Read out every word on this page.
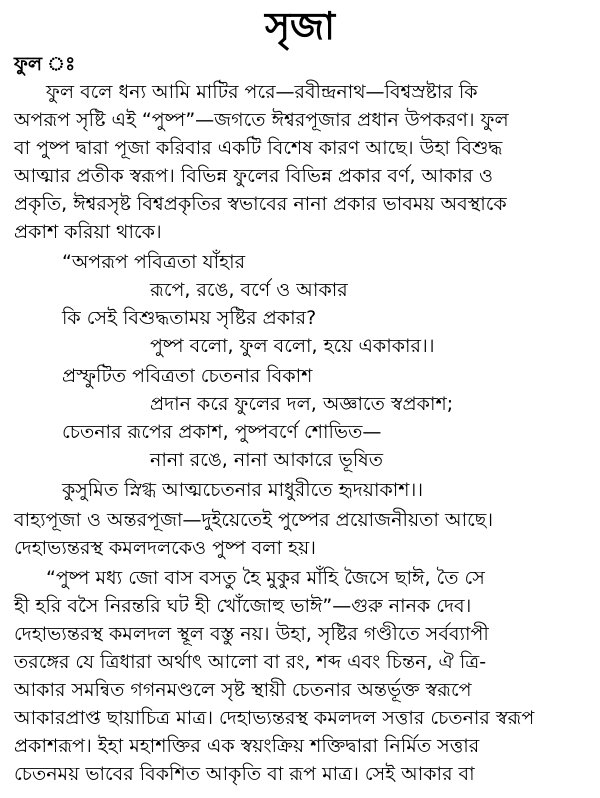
সৃজা
ফুল ঃ
ফুল বলে ধন্য আমি মাটির পরে—রবীন্দ্রনাথ—বিশ্বস্রষ্টার কি
অপরূপ সৃষ্টি এই “পুষ্প”—জগতে ঈশ্বরপূজার প্রধান উপকরণ। ফুল
বা পুষ্প দ্বারা পূজা করিবার একটি বিশেষ কারণ আছে। উহা বিশুদ্ধ
আত্মার প্রতীক স্বরূপ। বিভিন্ন ফুলের বিভিন্ন প্রকার বর্ণ, আকার ও
প্রকৃতি, ঈশ্বরসৃষ্ট বিশ্বপ্রকৃতির স্বভাবের নানা প্রকার ভাবময় অবস্থাকে
প্রকাশ করিয়া থাকে।
“অপরূপ পবিত্রতা যাঁহার
রূপে, রঙে, বর্ণে ও আকার
কি সেই বিশুদ্ধতাময় সৃষ্টির প্রকার?
পুষ্প বলো, ফুল বলো, হয়ে একাকার।।
প্রস্ফুটিত পবিত্রতা চেতনার বিকাশ
প্রদান করে ফুলের দল, অজ্ঞাতে স্বপ্রকাশ;
চেতনার রূপের প্রকাশ, পুষ্পবর্ণে শোভিত—
নানা রঙে, নানা আকারে ভূষিত
কুসুমিত স্নিগ্ধ আত্মচেতনার মাধুরীতে হৃদয়াকাশ।।
বাহ্যপূজা ও অন্তরপূজা—দুইয়েতেই পুষ্পের প্রয়োজনীয়তা আছে।
দেহাভ্যন্তরস্থ কমলদলকেও পুষ্প বলা হয়।
“পুষ্প মধ্য জো বাস বসতু হৈ মুকুর মাঁহি জৈসে ছাঈ, তৈ সে
হী হরি বসৈ নিরন্তরি ঘট হী খোঁজোহু ভাঈ”—গুরু নানক দেব।
দেহাভ্যন্তরস্থ কমলদল স্থূল বস্তু নয়। উহা, সৃষ্টির গণ্ডীতে সর্বব্যাপী
তরঙ্গের যে ত্রিধারা অর্থাৎ আলো বা রং, শব্দ এবং চিন্তন, ঐ ত্রি-
আকার সমন্বিত গগনমণ্ডলে সৃষ্ট স্থায়ী চেতনার অন্তর্ভূক্ত স্বরূপে
আকারপ্রাপ্ত ছায়াচিত্র মাত্র। দেহাভ্যন্তরস্থ কমলদল সত্তার চেতনার স্বরূপ
প্রকাশরূপ। ইহা মহাশক্তির এক স্বয়ংক্রিয় শক্তিদ্বারা নির্মিত সত্তার
চেতনময় ভাবের বিকশিত আকৃতি বা রূপ মাত্র। সেই আকার বা
